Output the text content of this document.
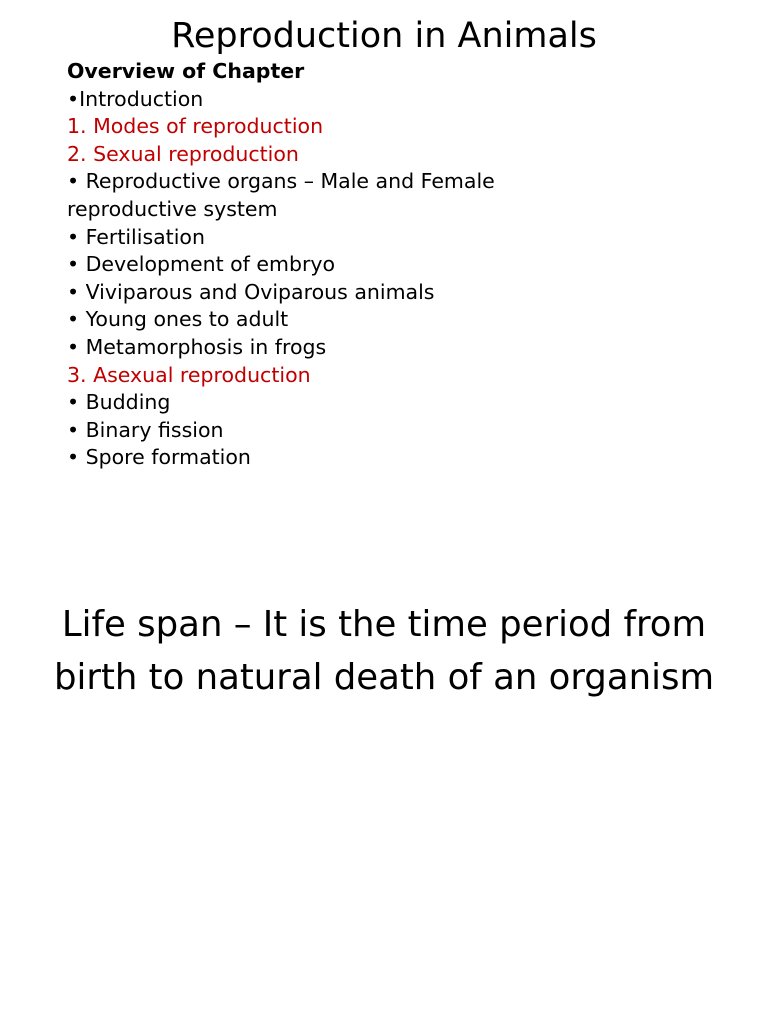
Reproduction in Animals
Overview of Chapter
•Introduction
1. Modes of reproduction
2. Sexual reproduction
• Reproductive organs – Male and Female reproductive system
• Fertilisation
• Development of embryo
• Viviparous and Oviparous animals
• Young ones to adult
• Metamorphosis in frogs
3. Asexual reproduction
• Budding
• Binary fission
• Spore formation
Life span – It is the time period from
birth to natural death of an organism
